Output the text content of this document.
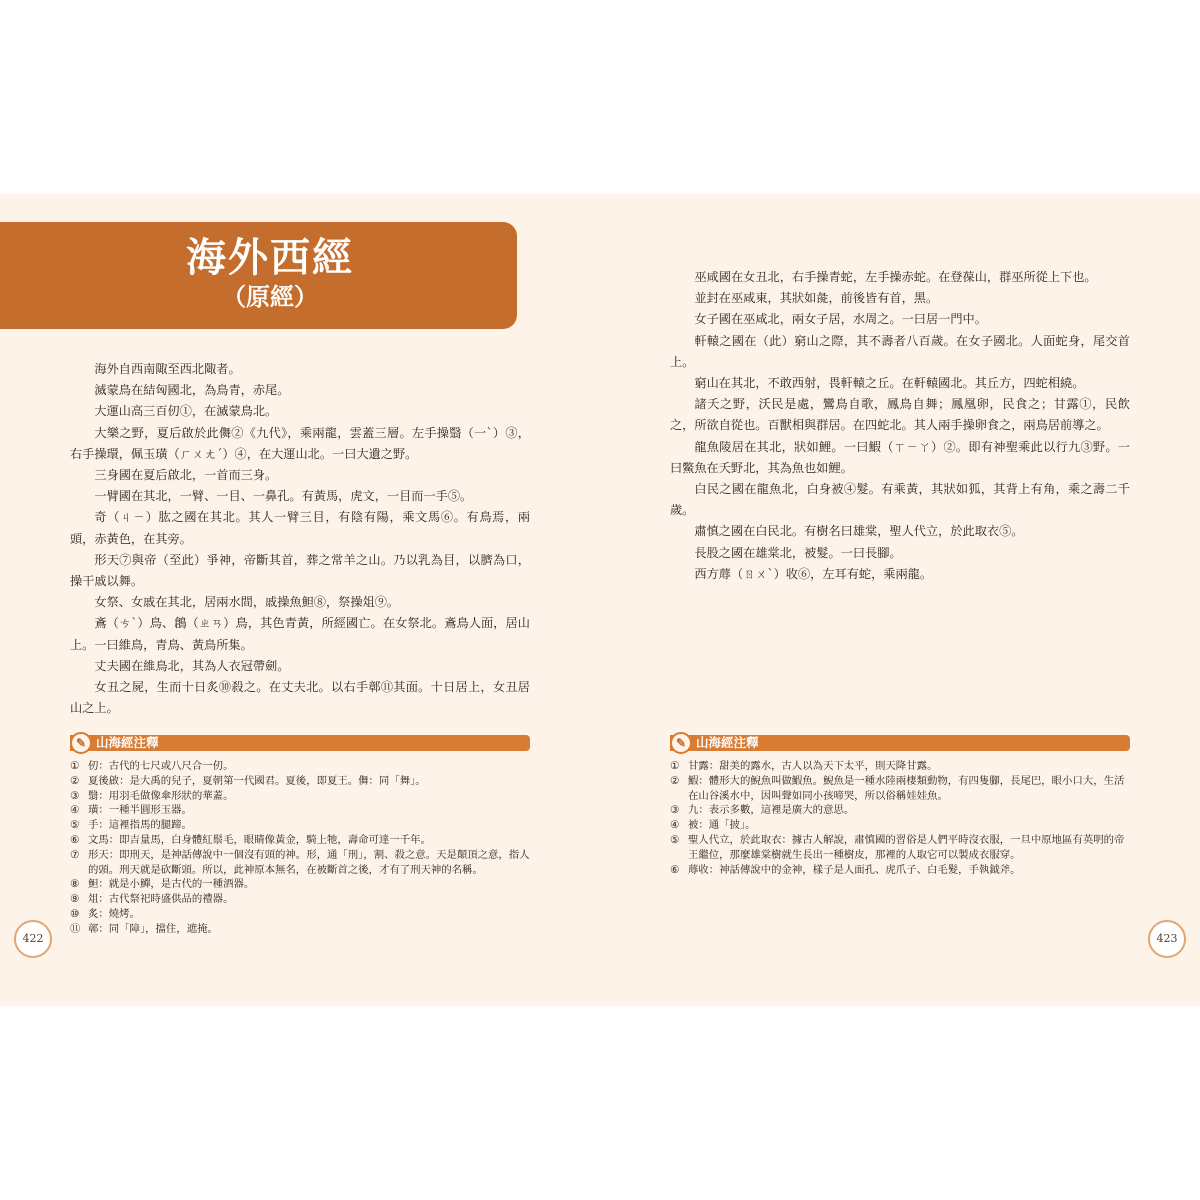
海外西經
（原經）

海外自西南陬至西北陬者。

滅蒙鳥在結匈國北，為鳥青，赤尾。

大運山高三百仞①，在滅蒙鳥北。

大樂之野，夏后啟於此儛②《九代》，乘兩龍，雲蓋三層。左手操翳（一ˋ）③，右手操環，佩玉璜（ㄏㄨㄤˊ）④，在大運山北。一曰大遺之野。

三身國在夏后啟北，一首而三身。

一臂國在其北，一臂、一目、一鼻孔。有黃馬，虎文，一目而一手⑤。

奇（ㄐㄧ）肱之國在其北。其人一臂三目，有陰有陽，乘文馬⑥。有鳥焉，兩頭，赤黃色，在其旁。

形天⑦與帝（至此）爭神，帝斷其首，葬之常羊之山。乃以乳為目，以臍為口，操干戚以舞。

女祭、女戚在其北，居兩水間，戚操魚䱇⑧，祭操俎⑨。

鴍（ㄘˋ）鳥、鶬（ㄓㄢ）鳥，其色青黃，所經國亡。在女祭北。鴍鳥人面，居山上。一曰維鳥，青鳥、黃鳥所集。

丈夫國在維鳥北，其為人衣冠帶劍。

女丑之屍，生而十日炙⑩殺之。在丈夫北。以右手鄣⑪其面。十日居上，女丑居山之上。

✎ 山海經注釋
① 仞：古代的七尺或八尺合一仞。
② 夏後啟：是大禹的兒子，夏朝第一代國君。夏後，即夏王。儛：同「舞」。
③ 翳：用羽毛做像傘形狀的華蓋。
④ 璜：一種半圓形玉器。
⑤ 手：這裡指馬的腿蹄。
⑥ 文馬：即吉量馬，白身體紅鬃毛，眼睛像黃金，騎上牠，壽命可達一千年。
⑦ 形天：即刑天，是神話傳說中一個沒有頭的神。形，通「刑」，割、殺之意。天是顛頂之意，指人的頭。刑天就是砍斷頭。所以，此神原本無名，在被斷首之後，才有了刑天神的名稱。
⑧ 䱇：就是小鱓，是古代的一種酒器。
⑨ 俎：古代祭祀時盛供品的禮器。
⑩ 炙：燒烤。
⑪ 鄣：同「障」，擋住，遮掩。
422

巫咸國在女丑北，右手操青蛇，左手操赤蛇。在登葆山，群巫所從上下也。

並封在巫咸東，其狀如彘，前後皆有首，黑。

女子國在巫咸北，兩女子居，水周之。一曰居一門中。

軒轅之國在（此）窮山之際，其不壽者八百歲。在女子國北。人面蛇身，尾交首上。

窮山在其北，不敢西射，畏軒轅之丘。在軒轅國北。其丘方，四蛇相繞。

諸夭之野，沃民是處，鸞鳥自歌，鳳鳥自舞；鳳凰卵，民食之；甘露①，民飲之，所欲自從也。百獸相與群居。在四蛇北。其人兩手操卵食之，兩鳥居前導之。

龍魚陵居在其北，狀如鯉。一曰鰕（ㄒㄧㄚ）②。即有神聖乘此以行九③野。一曰鱉魚在夭野北，其為魚也如鯉。

白民之國在龍魚北，白身被④髮。有乘黃，其狀如狐，其背上有角，乘之壽二千歲。

肅慎之國在白民北。有樹名曰雄棠，聖人代立，於此取衣⑤。

長股之國在雄棠北，被髮。一曰長腳。

西方蓐（ㄖㄨˋ）收⑥，左耳有蛇，乘兩龍。

✎ 山海經注釋
① 甘露：甜美的露水，古人以為天下太平，則天降甘露。
② 鰕：體形大的鯢魚叫做鰕魚。鯢魚是一種水陸兩棲類動物，有四隻腳，長尾巴，眼小口大，生活在山谷溪水中，因叫聲如同小孩啼哭，所以俗稱娃娃魚。
③ 九：表示多數，這裡是廣大的意思。
④ 被：通「披」。
⑤ 聖人代立，於此取衣：據古人解說，肅慎國的習俗是人們平時沒衣服，一旦中原地區有英明的帝王繼位，那麼雄棠樹就生長出一種樹皮，那裡的人取它可以製成衣服穿。
⑥ 蓐收：神話傳說中的金神，樣子是人面孔、虎爪子、白毛髮，手執鉞斧。
423
